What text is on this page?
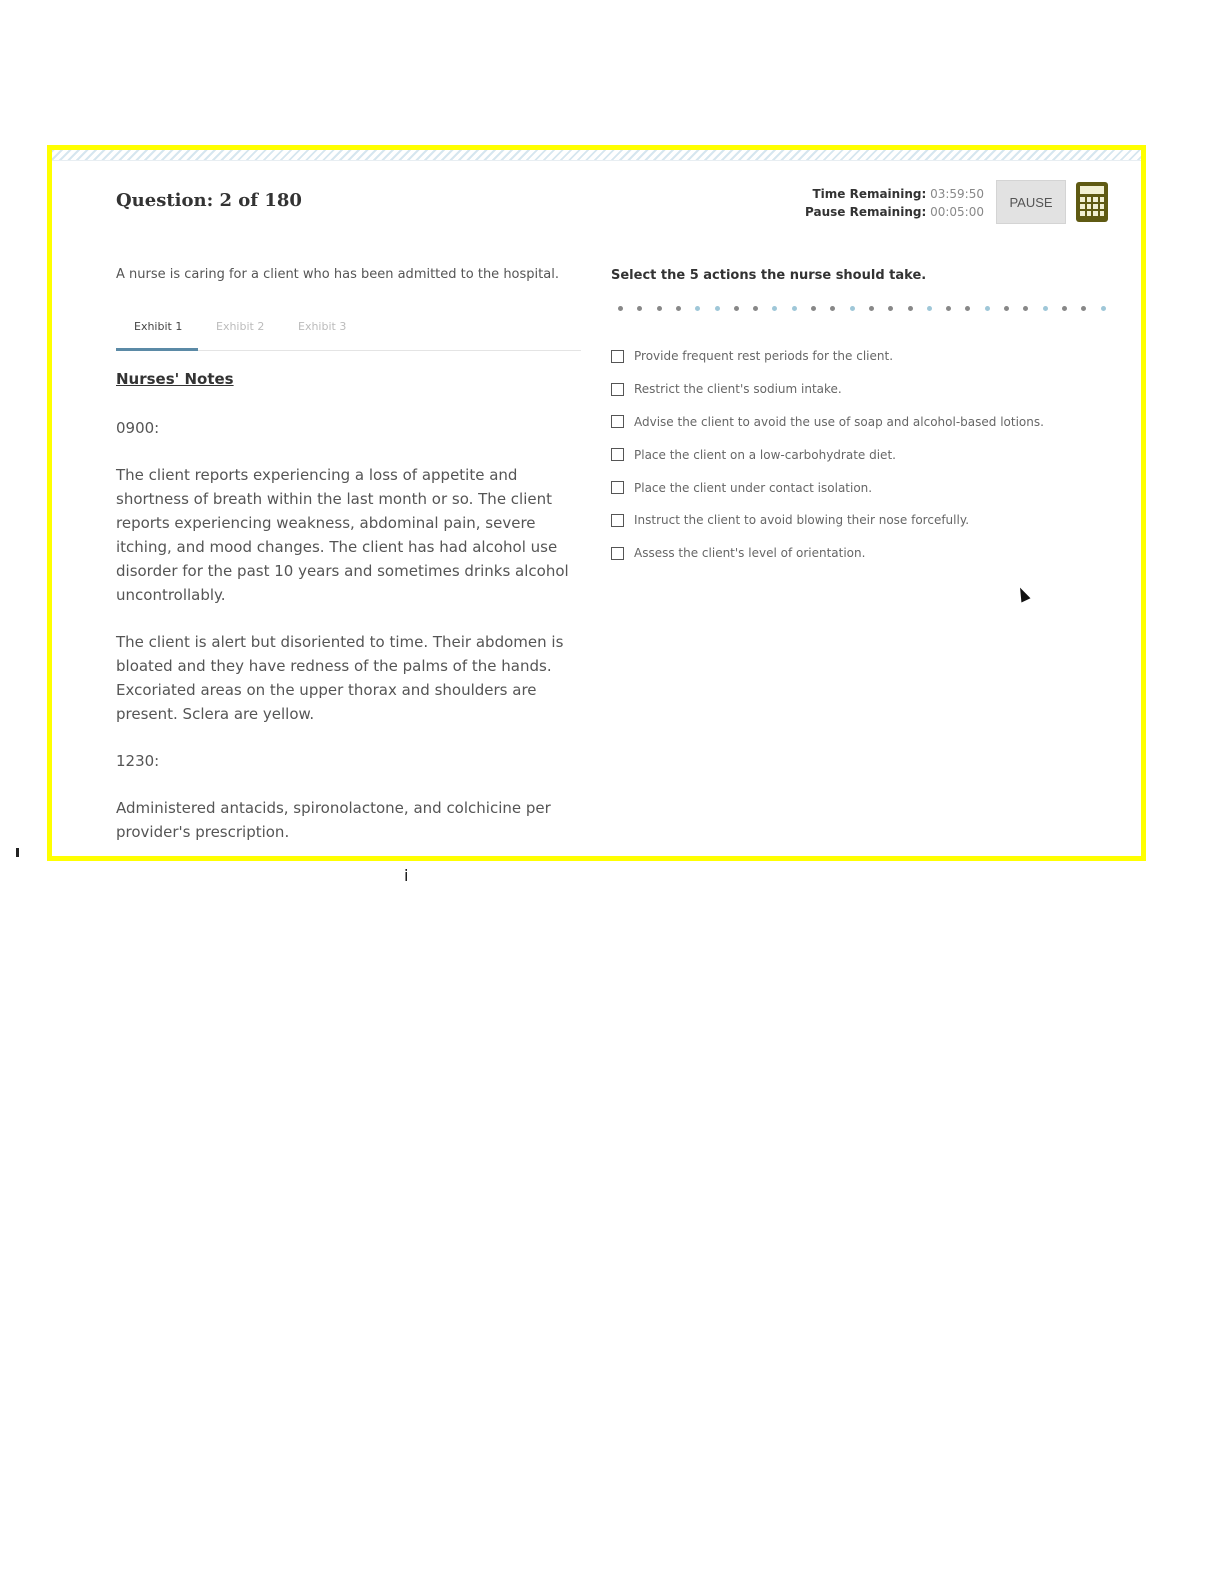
Question: 2 of 180	Time Remaining: 03:59:50
Pause Remaining: 00:05:00
PAUSE
A nurse is caring for a client who has been admitted to the hospital.
Exhibit 1	Exhibit 2	Exhibit 3
Nurses' Notes

0900:

The client reports experiencing a loss of appetite and shortness of breath within the last month or so. The client reports experiencing weakness, abdominal pain, severe itching, and mood changes. The client has had alcohol use disorder for the past 10 years and sometimes drinks alcohol uncontrollably.

The client is alert but disoriented to time. Their abdomen is bloated and they have redness of the palms of the hands. Excoriated areas on the upper thorax and shoulders are present. Sclera are yellow.

1230:

Administered antacids, spironolactone, and colchicine per provider's prescription.

Select the 5 actions the nurse should take.
Provide frequent rest periods for the client.
Restrict the client's sodium intake.
Advise the client to avoid the use of soap and alcohol-based lotions.
Place the client on a low-carbohydrate diet.
Place the client under contact isolation.
Instruct the client to avoid blowing their nose forcefully.
Assess the client's level of orientation.
i
